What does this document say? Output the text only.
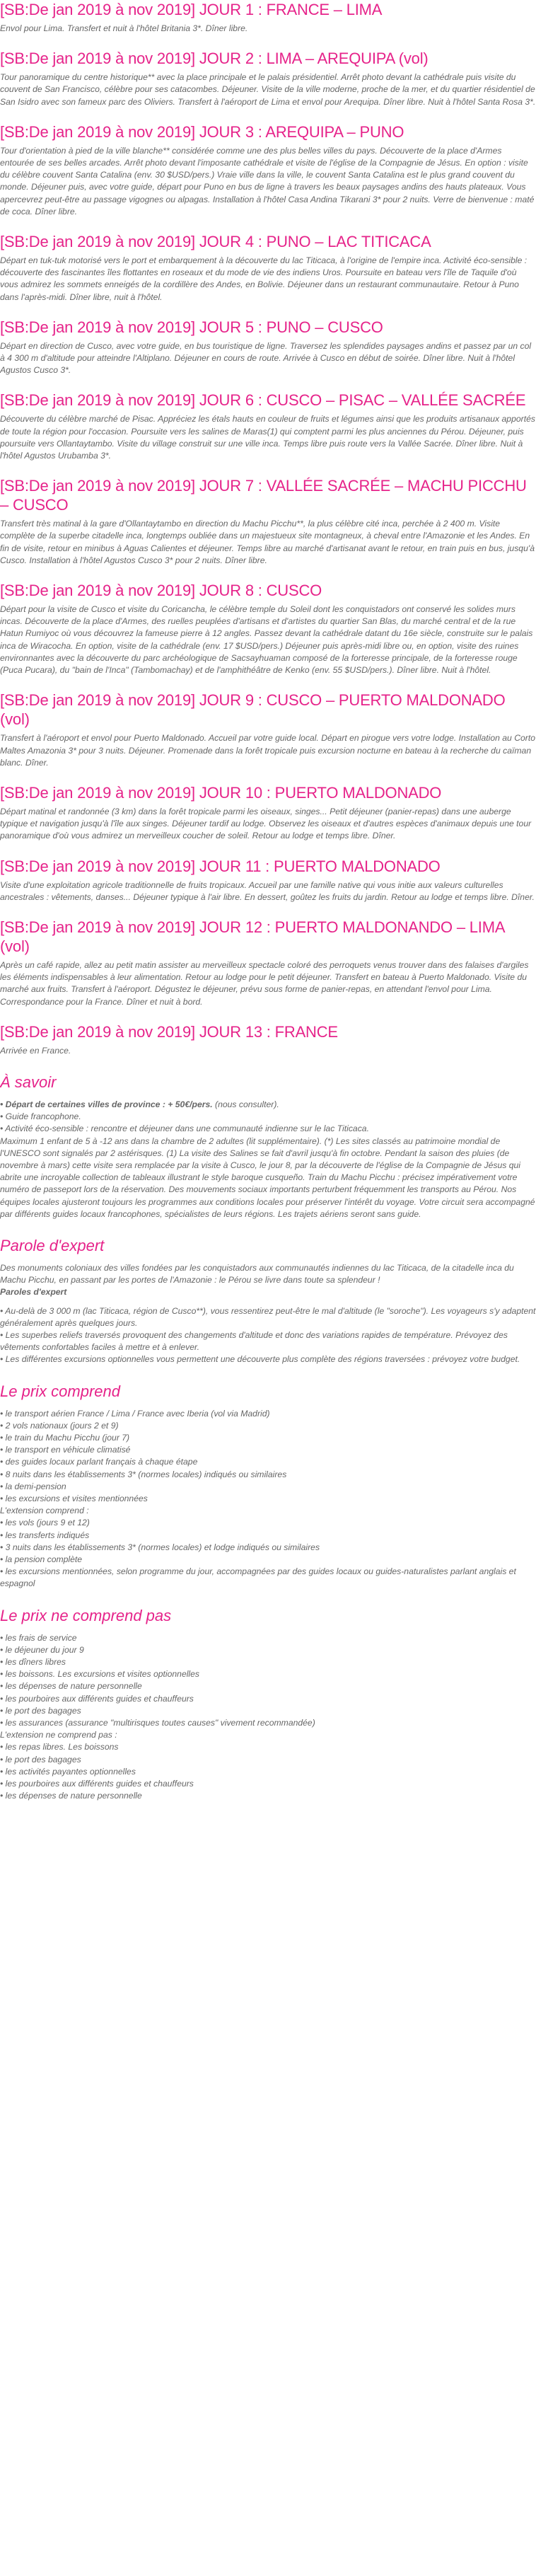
[SB:De jan 2019 à nov 2019] JOUR 1 : FRANCE – LIMA

Envol pour Lima. Transfert et nuit à l'hôtel Britania 3*. Dîner libre.

[SB:De jan 2019 à nov 2019] JOUR 2 : LIMA – AREQUIPA (vol)

Tour panoramique du centre historique** avec la place principale et le palais présidentiel. Arrêt photo devant la cathédrale puis visite du couvent de San Francisco, célèbre pour ses catacombes. Déjeuner. Visite de la ville moderne, proche de la mer, et du quartier résidentiel de San Isidro avec son fameux parc des Oliviers. Transfert à l'aéroport de Lima et envol pour Arequipa. Dîner libre. Nuit à l'hôtel Santa Rosa 3*.

[SB:De jan 2019 à nov 2019] JOUR 3 : AREQUIPA – PUNO

Tour d'orientation à pied de la ville blanche** considérée comme une des plus belles villes du pays. Découverte de la place d'Armes entourée de ses belles arcades. Arrêt photo devant l'imposante cathédrale et visite de l'église de la Compagnie de Jésus. En option : visite du célèbre couvent Santa Catalina (env. 30 $USD/pers.) Vraie ville dans la ville, le couvent Santa Catalina est le plus grand couvent du monde. Déjeuner puis, avec votre guide, départ pour Puno en bus de ligne à travers les beaux paysages andins des hauts plateaux. Vous apercevrez peut-être au passage vigognes ou alpagas. Installation à l'hôtel Casa Andina Tikarani 3* pour 2 nuits. Verre de bienvenue : maté de coca. Dîner libre.

[SB:De jan 2019 à nov 2019] JOUR 4 : PUNO – LAC TITICACA

Départ en tuk-tuk motorisé vers le port et embarquement à la découverte du lac Titicaca, à l'origine de l'empire inca. Activité éco-sensible : découverte des fascinantes îles flottantes en roseaux et du mode de vie des indiens Uros. Poursuite en bateau vers l'île de Taquile d'où vous admirez les sommets enneigés de la cordillère des Andes, en Bolivie. Déjeuner dans un restaurant communautaire. Retour à Puno dans l'après-midi. Dîner libre, nuit à l'hôtel.

[SB:De jan 2019 à nov 2019] JOUR 5 : PUNO – CUSCO

Départ en direction de Cusco, avec votre guide, en bus touristique de ligne. Traversez les splendides paysages andins et passez par un col à 4 300 m d'altitude pour atteindre l'Altiplano. Déjeuner en cours de route. Arrivée à Cusco en début de soirée. Dîner libre. Nuit à l'hôtel Agustos Cusco 3*.

[SB:De jan 2019 à nov 2019] JOUR 6 : CUSCO – PISAC – VALLÉE SACRÉE

Découverte du célèbre marché de Pisac. Appréciez les étals hauts en couleur de fruits et légumes ainsi que les produits artisanaux apportés de toute la région pour l'occasion. Poursuite vers les salines de Maras(1) qui comptent parmi les plus anciennes du Pérou. Déjeuner, puis poursuite vers Ollantaytambo. Visite du village construit sur une ville inca. Temps libre puis route vers la Vallée Sacrée. Dîner libre. Nuit à l'hôtel Agustos Urubamba 3*.

[SB:De jan 2019 à nov 2019] JOUR 7 : VALLÉE SACRÉE – MACHU PICCHU – CUSCO

Transfert très matinal à la gare d'Ollantaytambo en direction du Machu Picchu**, la plus célèbre cité inca, perchée à 2 400 m. Visite complète de la superbe citadelle inca, longtemps oubliée dans un majestueux site montagneux, à cheval entre l'Amazonie et les Andes. En fin de visite, retour en minibus à Aguas Calientes et déjeuner. Temps libre au marché d'artisanat avant le retour, en train puis en bus, jusqu'à Cusco. Installation à l'hôtel Agustos Cusco 3* pour 2 nuits. Dîner libre.

[SB:De jan 2019 à nov 2019] JOUR 8 : CUSCO

Départ pour la visite de Cusco et visite du Coricancha, le célèbre temple du Soleil dont les conquistadors ont conservé les solides murs incas. Découverte de la place d'Armes, des ruelles peuplées d'artisans et d'artistes du quartier San Blas, du marché central et de la rue Hatun Rumiyoc où vous découvrez la fameuse pierre à 12 angles. Passez devant la cathédrale datant du 16e siècle, construite sur le palais inca de Wiracocha. En option, visite de la cathédrale (env. 17 $USD/pers.) Déjeuner puis après-midi libre ou, en option, visite des ruines environnantes avec la découverte du parc archéologique de Sacsayhuaman composé de la forteresse principale, de la forteresse rouge (Puca Pucara), du "bain de l'Inca" (Tambomachay) et de l'amphithéâtre de Kenko (env. 55 $USD/pers.). Dîner libre. Nuit à l'hôtel.

[SB:De jan 2019 à nov 2019] JOUR 9 : CUSCO – PUERTO MALDONADO (vol)

Transfert à l'aéroport et envol pour Puerto Maldonado. Accueil par votre guide local. Départ en pirogue vers votre lodge. Installation au Corto Maltes Amazonia 3* pour 3 nuits. Déjeuner. Promenade dans la forêt tropicale puis excursion nocturne en bateau à la recherche du caïman blanc. Dîner.

[SB:De jan 2019 à nov 2019] JOUR 10 : PUERTO MALDONADO

Départ matinal et randonnée (3 km) dans la forêt tropicale parmi les oiseaux, singes... Petit déjeuner (panier-repas) dans une auberge typique et navigation jusqu'à l'île aux singes. Déjeuner tardif au lodge. Observez les oiseaux et d'autres espèces d'animaux depuis une tour panoramique d'où vous admirez un merveilleux coucher de soleil. Retour au lodge et temps libre. Dîner.

[SB:De jan 2019 à nov 2019] JOUR 11 : PUERTO MALDONADO

Visite d'une exploitation agricole traditionnelle de fruits tropicaux. Accueil par une famille native qui vous initie aux valeurs culturelles ancestrales : vêtements, danses... Déjeuner typique à l'air libre. En dessert, goûtez les fruits du jardin. Retour au lodge et temps libre. Dîner.

[SB:De jan 2019 à nov 2019] JOUR 12 : PUERTO MALDONANDO – LIMA (vol)

Après un café rapide, allez au petit matin assister au merveilleux spectacle coloré des perroquets venus trouver dans des falaises d'argiles les éléments indispensables à leur alimentation. Retour au lodge pour le petit déjeuner. Transfert en bateau à Puerto Maldonado. Visite du marché aux fruits. Transfert à l'aéroport. Dégustez le déjeuner, prévu sous forme de panier-repas, en attendant l'envol pour Lima. Correspondance pour la France. Dîner et nuit à bord.

[SB:De jan 2019 à nov 2019] JOUR 13 : FRANCE

Arrivée en France.

À savoir

• Départ de certaines villes de province : + 50€/pers. (nous consulter).

• Guide francophone.

• Activité éco-sensible : rencontre et déjeuner dans une communauté indienne sur le lac Titicaca.

Maximum 1 enfant de 5 à -12 ans dans la chambre de 2 adultes (lit supplémentaire). (*) Les sites classés au patrimoine mondial de l'UNESCO sont signalés par 2 astérisques. (1) La visite des Salines se fait d'avril jusqu'à fin octobre. Pendant la saison des pluies (de novembre à mars) cette visite sera remplacée par la visite à Cusco, le jour 8, par la découverte de l'église de la Compagnie de Jésus qui abrite une incroyable collection de tableaux illustrant le style baroque cusqueño. Train du Machu Picchu : précisez impérativement votre numéro de passeport lors de la réservation. Des mouvements sociaux importants perturbent fréquemment les transports au Pérou. Nos équipes locales ajusteront toujours les programmes aux conditions locales pour préserver l'intérêt du voyage. Votre circuit sera accompagné par différents guides locaux francophones, spécialistes de leurs régions. Les trajets aériens seront sans guide.

Parole d'expert

Des monuments coloniaux des villes fondées par les conquistadors aux communautés indiennes du lac Titicaca, de la citadelle inca du Machu Picchu, en passant par les portes de l'Amazonie : le Pérou se livre dans toute sa splendeur !

Paroles d'expert

• Au-delà de 3 000 m (lac Titicaca, région de Cusco**), vous ressentirez peut-être le mal d'altitude (le "soroche"). Les voyageurs s'y adaptent généralement après quelques jours.

• Les superbes reliefs traversés provoquent des changements d'altitude et donc des variations rapides de température. Prévoyez des vêtements confortables faciles à mettre et à enlever.

• Les différentes excursions optionnelles vous permettent une découverte plus complète des régions traversées : prévoyez votre budget.

Le prix comprend

• le transport aérien France / Lima / France avec Iberia (vol via Madrid)

• 2 vols nationaux (jours 2 et 9)

• le train du Machu Picchu (jour 7)

• le transport en véhicule climatisé

• des guides locaux parlant français à chaque étape

• 8 nuits dans les établissements 3* (normes locales) indiqués ou similaires

• la demi-pension

• les excursions et visites mentionnées

L'extension comprend :

• les vols (jours 9 et 12)

• les transferts indiqués

• 3 nuits dans les établissements 3* (normes locales) et lodge indiqués ou similaires

• la pension complète

• les excursions mentionnées, selon programme du jour, accompagnées par des guides locaux ou guides-naturalistes parlant anglais et espagnol

Le prix ne comprend pas

• les frais de service

• le déjeuner du jour 9

• les dîners libres

• les boissons. Les excursions et visites optionnelles

• les dépenses de nature personnelle

• les pourboires aux différents guides et chauffeurs

• le port des bagages

• les assurances (assurance "multirisques toutes causes" vivement recommandée)

L'extension ne comprend pas :

• les repas libres. Les boissons

• le port des bagages

• les activités payantes optionnelles

• les pourboires aux différents guides et chauffeurs

• les dépenses de nature personnelle
